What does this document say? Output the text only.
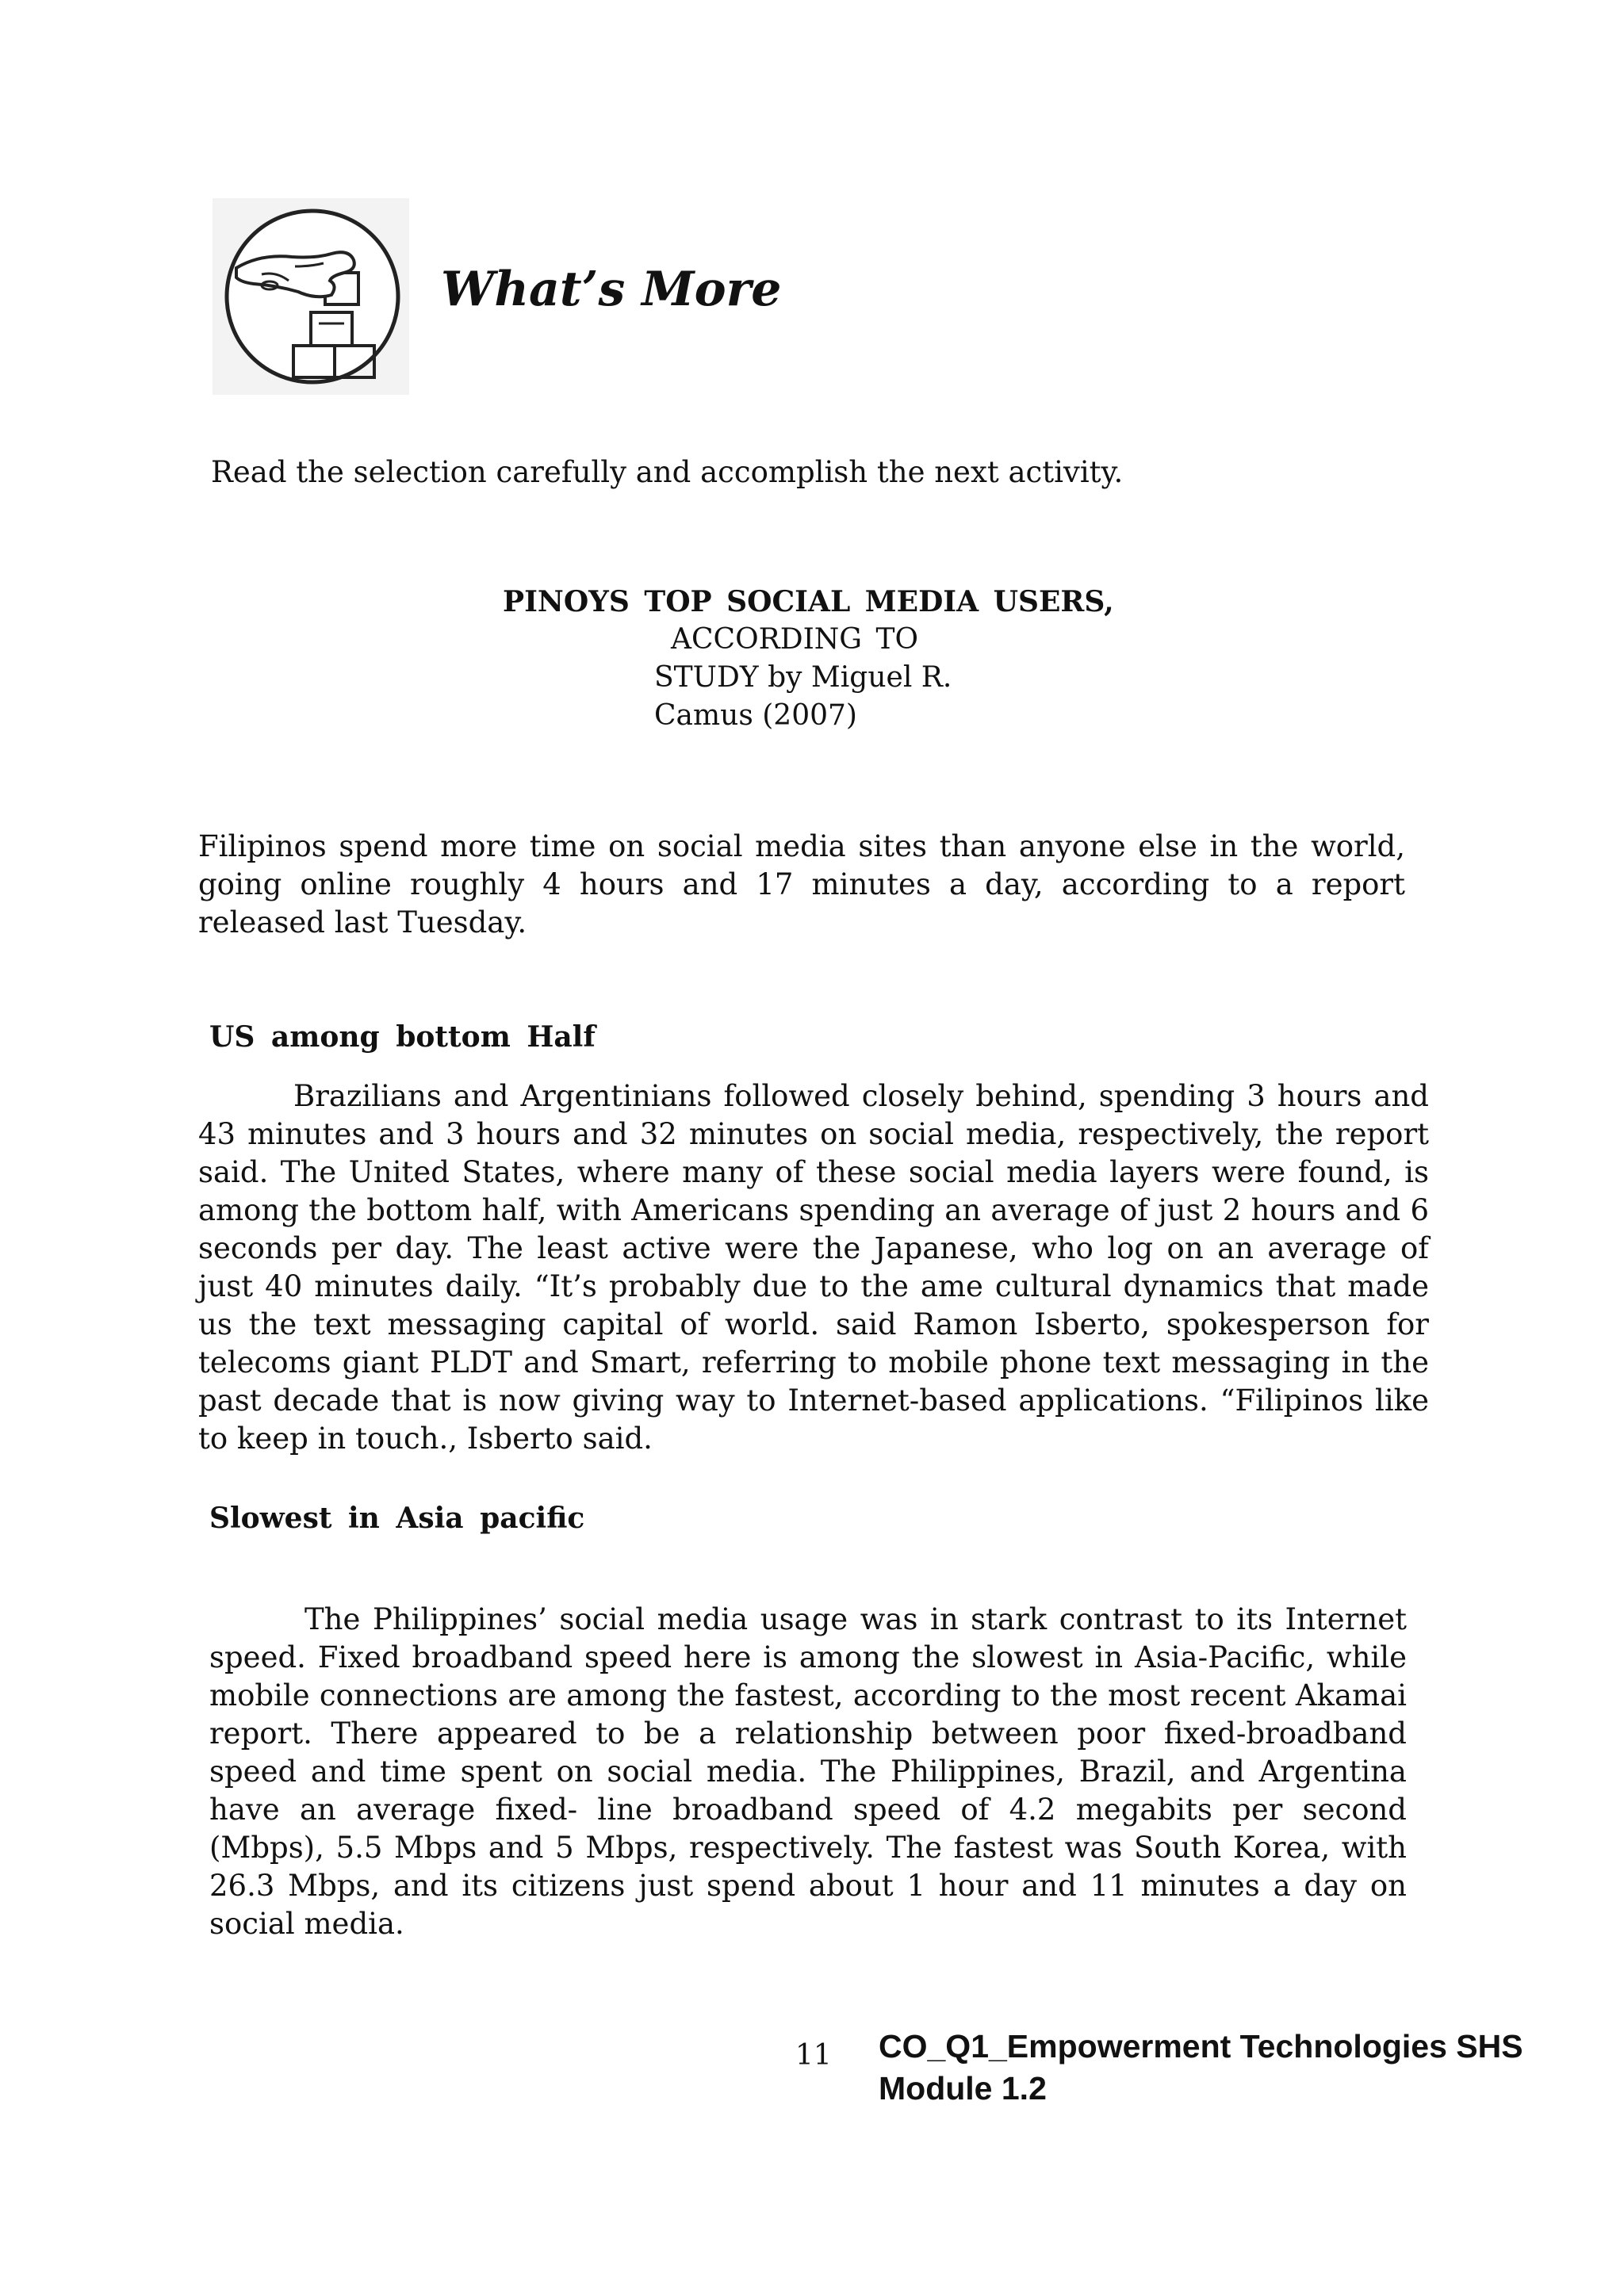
What’s More
Read the selection carefully and accomplish the next activity.
PINOYS TOP SOCIAL MEDIA USERS,
ACCORDING TO
STUDY by Miguel R.
Camus (2007)

Filipinos spend more time on social media sites than anyone else in the world, going online roughly 4 hours and 17 minutes a day, according to a report released last Tuesday.

US among bottom Half

Brazilians and Argentinians followed closely behind, spending 3 hours and 43 minutes and 3 hours and 32 minutes on social media, respectively, the report said. The United States, where many of these social media layers were found, is among the bottom half, with Americans spending an average of just 2 hours and 6 seconds per day. The least active were the Japanese, who log on an average of just 40 minutes daily. “It’s probably due to the ame cultural dynamics that made us the text messaging capital of world. said Ramon Isberto, spokesperson for telecoms giant PLDT and Smart, referring to mobile phone text messaging in the past decade that is now giving way to Internet-based applications. “Filipinos like to keep in touch., Isberto said.

Slowest in Asia pacific

The Philippines’ social media usage was in stark contrast to its Internet speed. Fixed broadband speed here is among the slowest in Asia-Pacific, while mobile connections are among the fastest, according to the most recent Akamai report. There appeared to be a relationship between poor fixed-broadband speed and time spent on social media. The Philippines, Brazil, and Argentina have an average fixed- line broadband speed of 4.2 megabits per second (Mbps), 5.5 Mbps and 5 Mbps, respectively. The fastest was South Korea, with 26.3 Mbps, and its citizens just spend about 1 hour and 11 minutes a day on social media.

11 CO_Q1_Empowerment Technologies SHS
Module 1.2
